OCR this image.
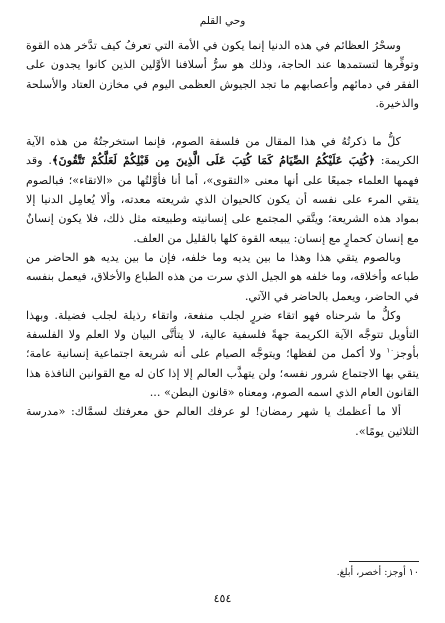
وحي القلم

وسحْرُ العظائم في هذه الدنيا إنما يكون في الأمة التي تعرفُ كيف تدَّخر هذه القوة وتوفِّرها لتستمدها عند الحاجة، وذلك هو سرُّ أسلافنا الأوَّلين الذين كانوا يجدون على الفقر في دمائهم وأعصابهم ما تجد الجيوش العظمى اليوم في مخازن العتاد والأسلحة والذخيرة.

كلُّ ما ذكرتُهُ في هذا المقال من فلسفة الصوم، فإنما استخرجتُهُ من هذه الآية الكريمة: ﴿كُتِبَ عَلَيْكُمُ الصِّيَامُ كَمَا كُتِبَ عَلَى الَّذِينَ مِن قَبْلِكُمْ لَعَلَّكُمْ تَتَّقُونَ﴾. وقد فهمها العلماء جميعًا على أنها معنى «التقوى»، أما أنا فأوَّلتُها من «الاتقاء»؛ فبالصوم يتقي المرء على نفسه أن يكون كالحيوان الذي شريعته معدته، وألا يُعامِل الدنيا إلا بمواد هذه الشريعة؛ ويتَّقي المجتمع على إنسانيته وطبيعته مثل ذلك، فلا يكون إنسانٌ مع إنسان كحمارٍ مع إنسان: يبيعه القوة كلها بالقليل من العلف.

وبالصوم يتقي هذا وهذا ما بين يديه وما خلفه، فإن ما بين يديه هو الحاضر من طباعه وأخلاقه، وما خلفه هو الجيل الذي سرت من هذه الطباع والأخلاق، فيعمل بنفسه في الحاضر، ويعمل بالحاضر في الآتي.

وكلُّ ما شرحناه فهو اتقاء ضررٍ لجلب منفعة، واتقاء رذيلة لجلب فضيلة. وبهذا التأويل تتوجَّه الآية الكريمة جهةً فلسفية عالية، لا يتأتَّى البيان ولا العلم ولا الفلسفة بأوجز$^{١٠}$ ولا أكمل من لفظها؛ ويتوجَّه الصيام على أنه شريعة اجتماعية إنسانية عامة؛ يتقي بها الاجتماع شرور نفسه؛ ولن يتهذَّب العالم إلا إذا كان له مع القوانين النافذة هذا القانون العام الذي اسمه الصوم، ومعناه «قانون البطن» ...

ألا ما أعظمك يا شهر رمضان! لو عرفك العالم حق معرفتك لسمَّاك: «مدرسة الثلاثين يومًا».

١٠ أوجز: أخصر، أبلغ.
٤٥٤
